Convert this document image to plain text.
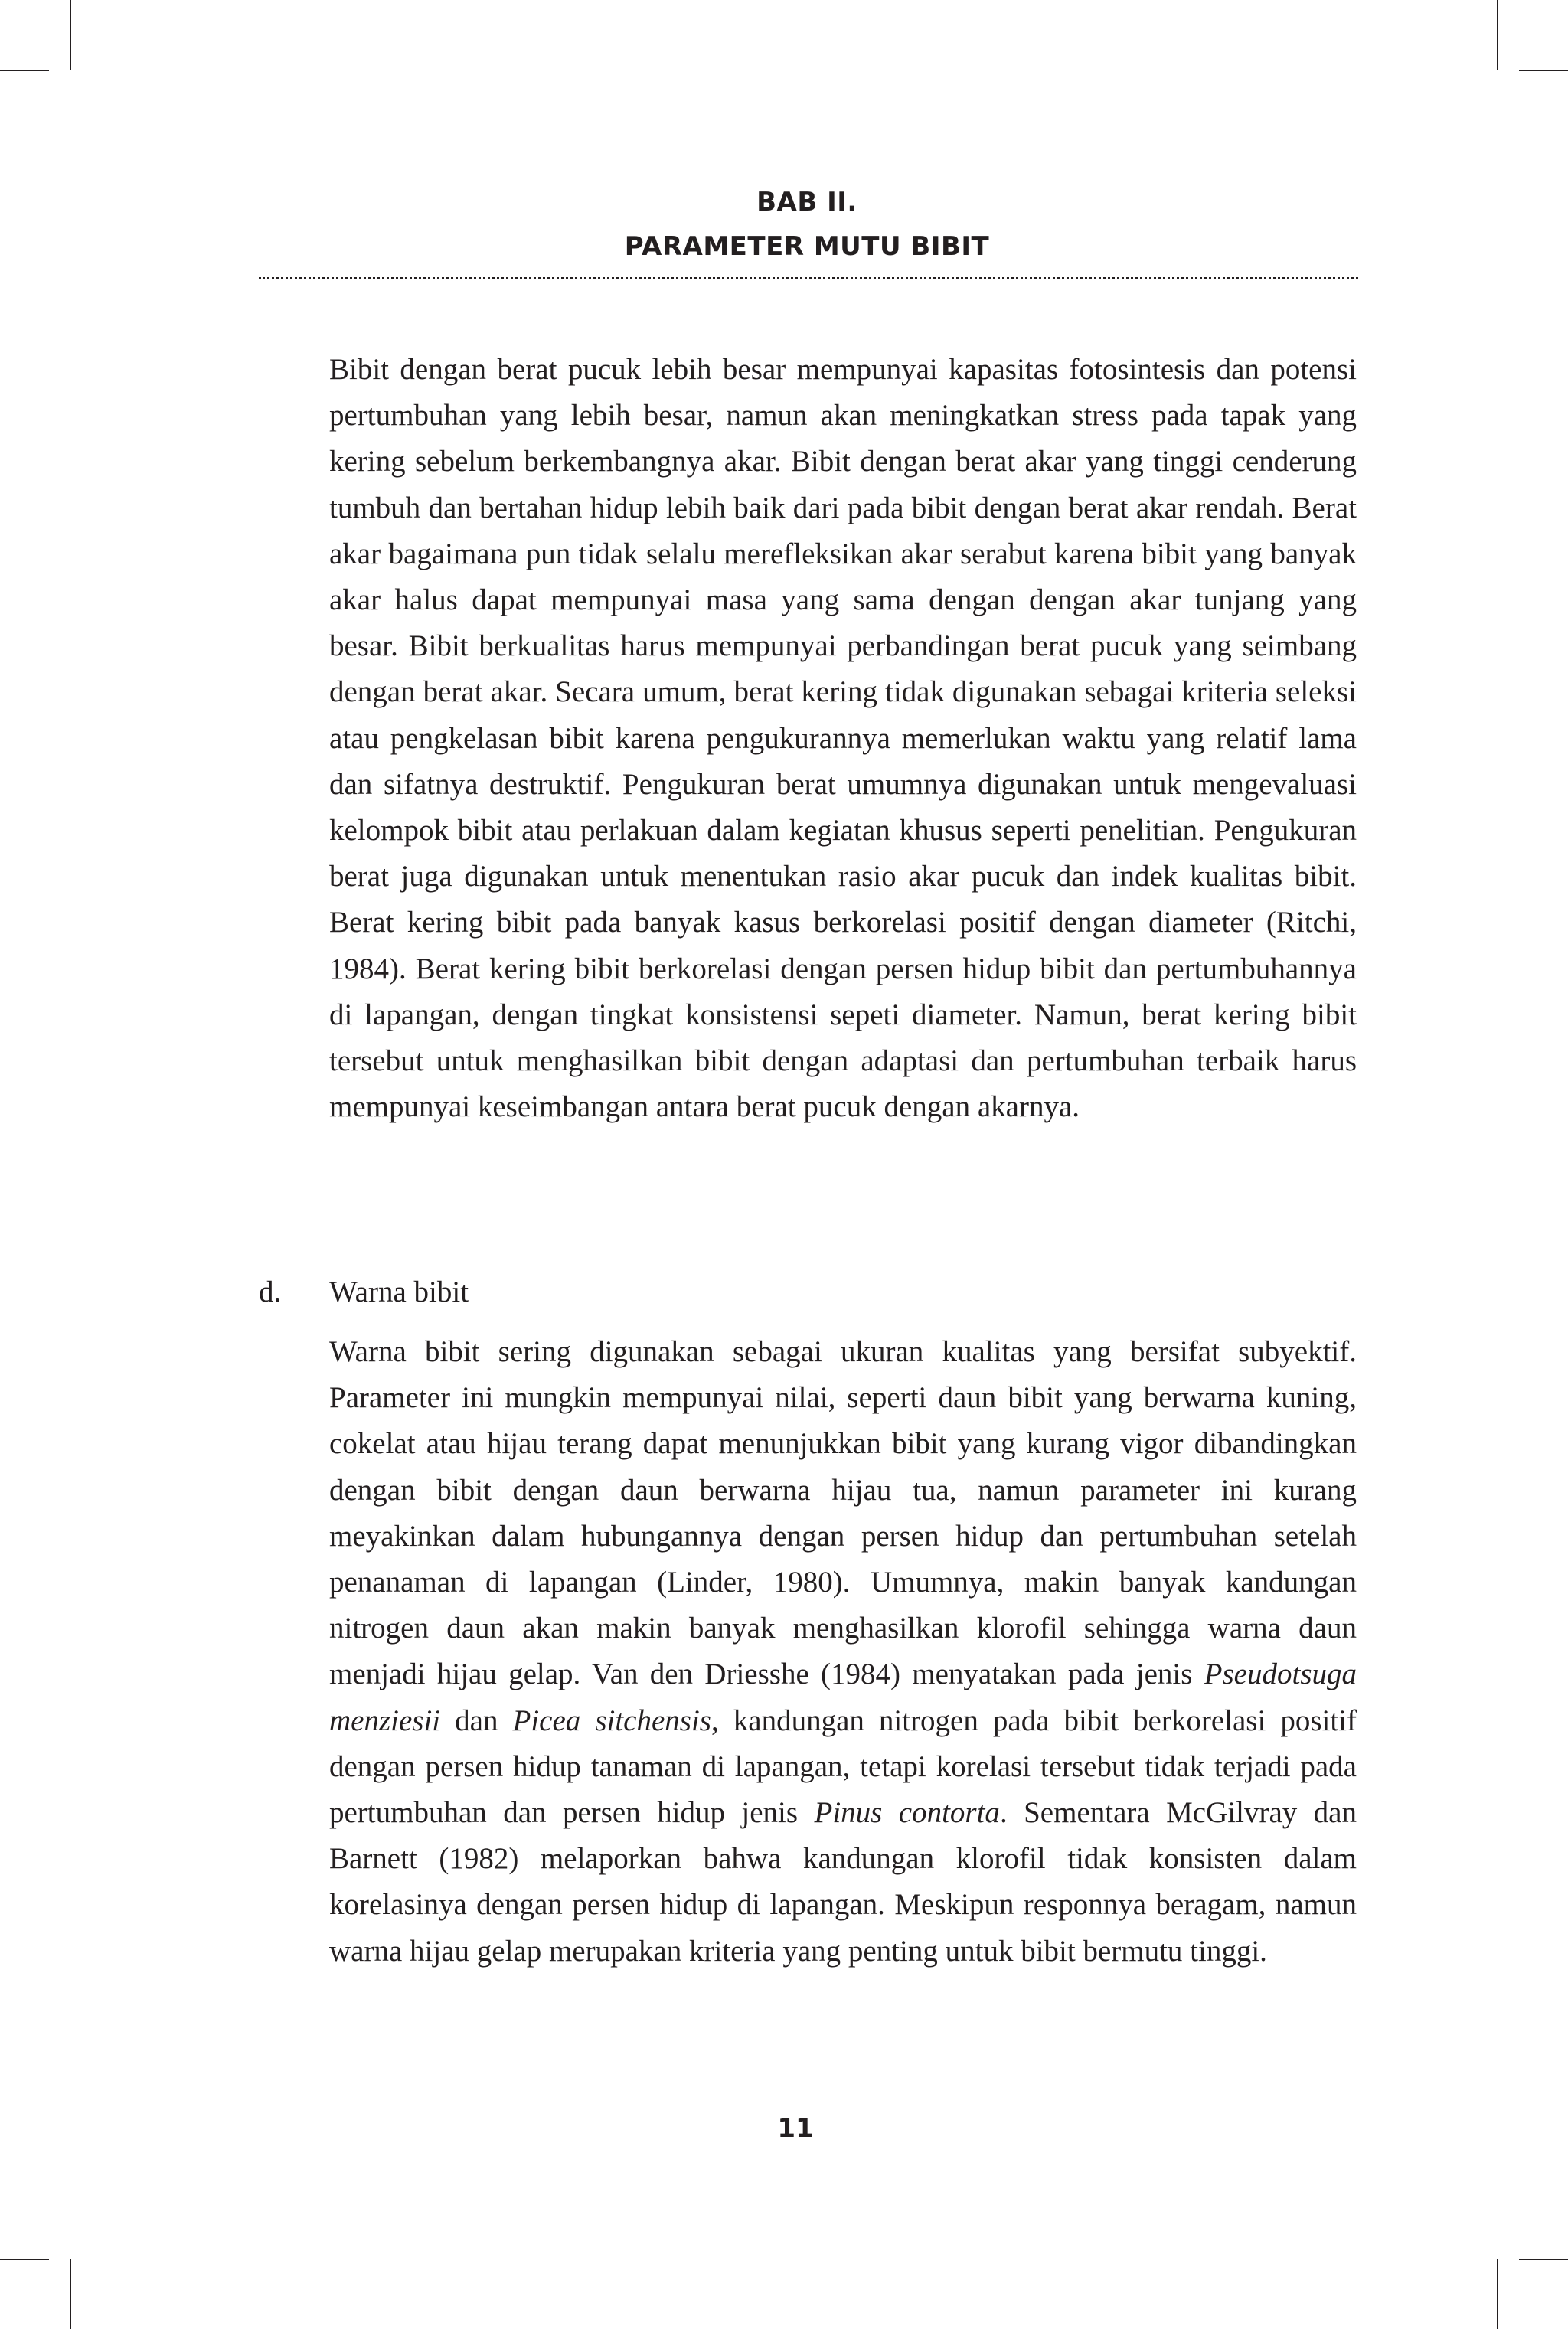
BAB II.
PARAMETER MUTU BIBIT

Bibit dengan berat pucuk lebih besar mempunyai kapasitas fotosintesis dan potensi pertumbuhan yang lebih besar, namun akan meningkatkan stress pada tapak yang kering sebelum berkembangnya akar. Bibit dengan berat akar yang tinggi cenderung tumbuh dan bertahan hidup lebih baik dari pada bibit dengan berat akar rendah. Berat akar bagaimana pun tidak selalu merefleksikan akar serabut karena bibit yang banyak akar halus dapat mempunyai masa yang sama dengan dengan akar tunjang yang besar. Bibit berkualitas harus mempunyai perbandingan berat pucuk yang seimbang dengan berat akar. Secara umum, berat kering tidak digunakan sebagai kriteria seleksi atau pengkelasan bibit karena pengukurannya memerlukan waktu yang relatif lama dan sifatnya destruktif. Pengukuran berat umumnya digunakan untuk mengevaluasi kelompok bibit atau perlakuan dalam kegiatan khusus seperti penelitian. Pengukuran berat juga digunakan untuk menentukan rasio akar pucuk dan indek kualitas bibit. Berat kering bibit pada banyak kasus berkorelasi positif dengan diameter (Ritchi, 1984). Berat kering bibit berkorelasi dengan persen hidup bibit dan pertumbuhannya di lapangan, dengan tingkat konsistensi sepeti diameter. Namun, berat kering bibit tersebut untuk menghasilkan bibit dengan adaptasi dan pertumbuhan terbaik harus mempunyai keseimbangan antara berat pucuk dengan akarnya.

d. Warna bibit

Warna bibit sering digunakan sebagai ukuran kualitas yang bersifat subyektif. Parameter ini mungkin mempunyai nilai, seperti daun bibit yang berwarna kuning, cokelat atau hijau terang dapat menunjukkan bibit yang kurang vigor dibandingkan dengan bibit dengan daun berwarna hijau tua, namun parameter ini kurang meyakinkan dalam hubungannya dengan persen hidup dan pertumbuhan setelah penanaman di lapangan (Linder, 1980). Umumnya, makin banyak kandungan nitrogen daun akan makin banyak menghasilkan klorofil sehingga warna daun menjadi hijau gelap. Van den Driesshe (1984) menyatakan pada jenis Pseudotsuga menziesii dan Picea sitchensis, kandungan nitrogen pada bibit berkorelasi positif dengan persen hidup tanaman di lapangan, tetapi korelasi tersebut tidak terjadi pada pertumbuhan dan persen hidup jenis Pinus contorta. Sementara McGilvray dan Barnett (1982) melaporkan bahwa kandungan klorofil tidak konsisten dalam korelasinya dengan persen hidup di lapangan. Meskipun responnya beragam, namun warna hijau gelap merupakan kriteria yang penting untuk bibit bermutu tinggi.

11
